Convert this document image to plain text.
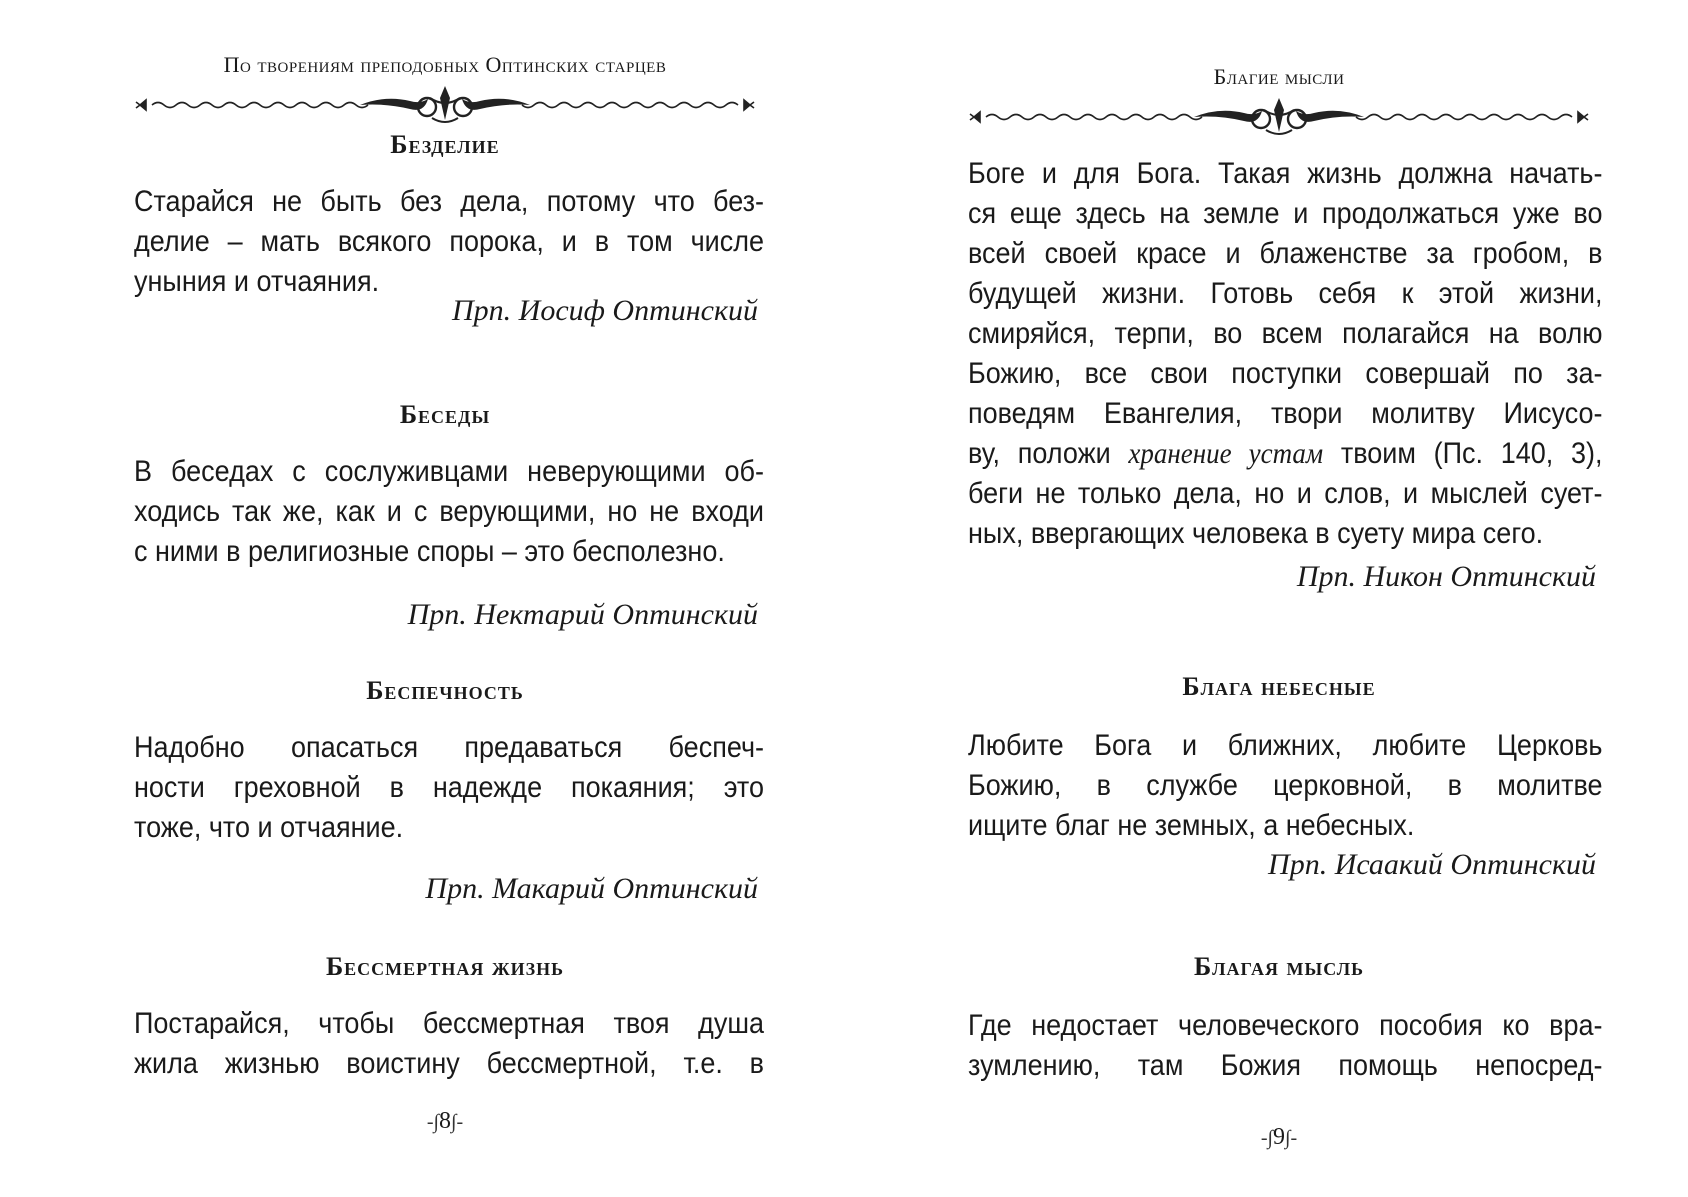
По творениям преподобных Оптинских старцев
Безделие
Старайся не быть без дела, потому что без-
делие – мать всякого порока, и в том числе
уныния и отчаяния.
Прп. Иосиф Оптинский
Беседы
В беседах с сослуживцами неверующими об-
ходись так же, как и с верующими, но не входи
с ними в религиозные споры – это бесполезно.
Прп. Нектарий Оптинский
Беспечность
Надобно опасаться предаваться беспеч-
ности греховной в надежде покаяния; это
тоже, что и отчаяние.
Прп. Макарий Оптинский
Бессмертная жизнь
Постарайся, чтобы бессмертная твоя душа
жила жизнью воистину бессмертной, т.е. в
-∫8∫-
Благие мысли
Боге и для Бога. Такая жизнь должна начать-
ся еще здесь на земле и продолжаться уже во
всей своей красе и блаженстве за гробом, в
будущей жизни. Готовь себя к этой жизни,
смиряйся, терпи, во всем полагайся на волю
Божию, все свои поступки совершай по за-
поведям Евангелия, твори молитву Иисусо-
ву, положи хранение устам твоим (Пс. 140, 3),
беги не только дела, но и слов, и мыслей сует-
ных, ввергающих человека в суету мира сего.
Прп. Никон Оптинский
Блага небесные
Любите Бога и ближних, любите Церковь
Божию, в службе церковной, в молитве
ищите благ не земных, а небесных.
Прп. Исаакий Оптинский
Благая мысль
Где недостает человеческого пособия ко вра-
зумлению, там Божия помощь непосред-
-∫9∫-
